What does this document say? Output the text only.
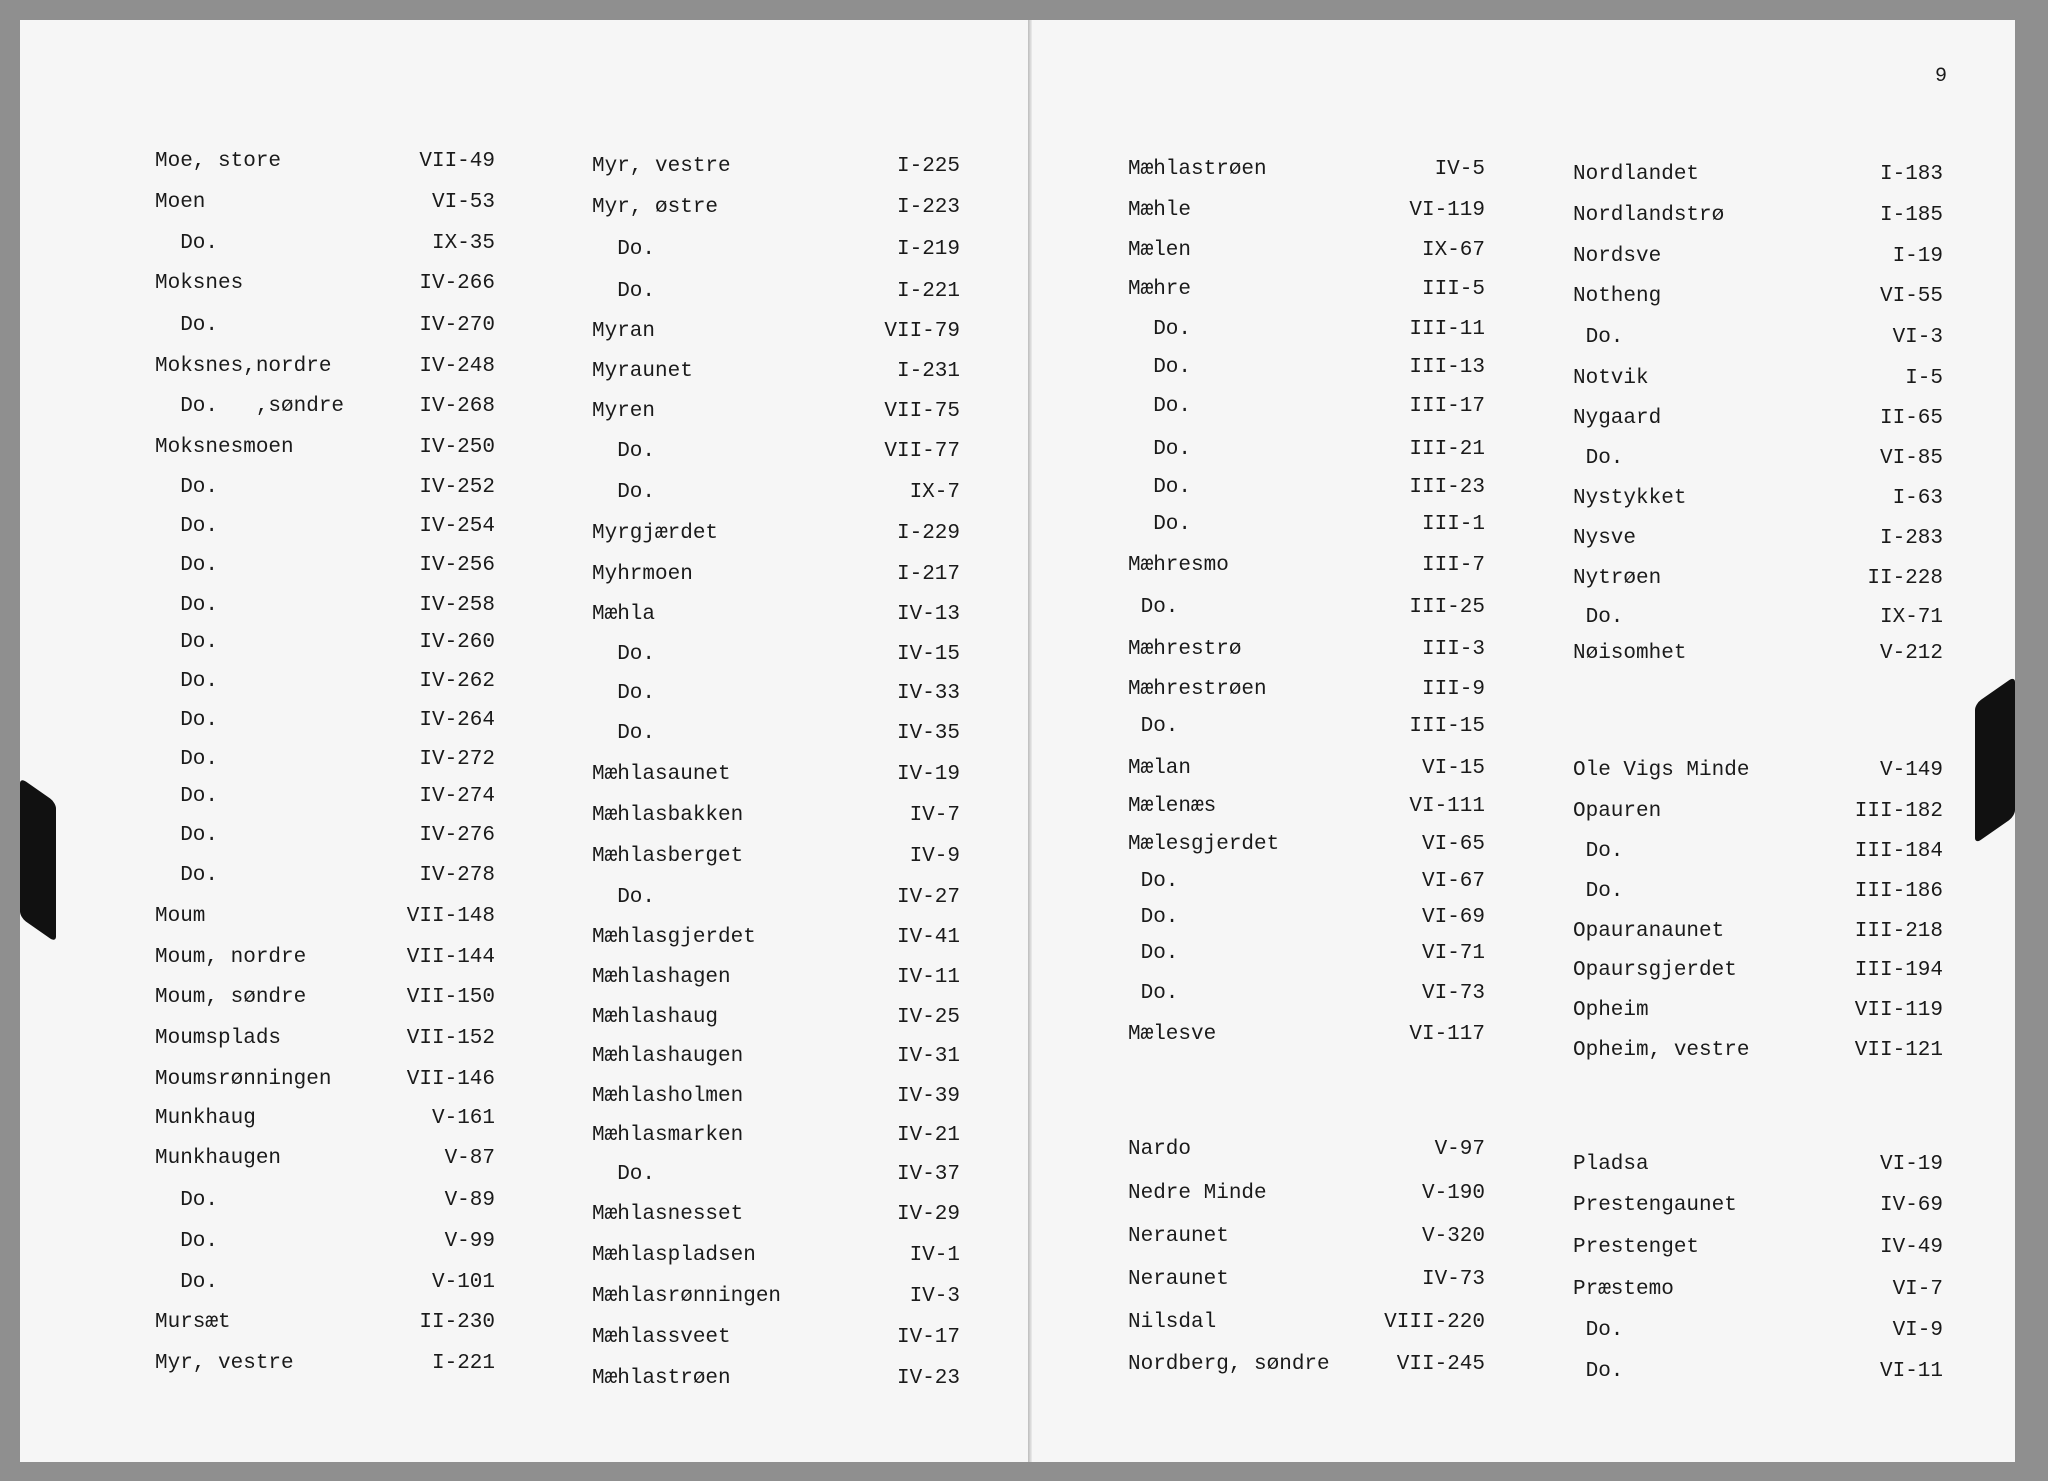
9
Moe, store	VII-49
Moen	VI-53
Do.	IX-35
Moksnes	IV-266
Do.	IV-270
Moksnes,nordre	IV-248
Do.   ,søndre	IV-268
Moksnesmoen	IV-250
Do.	IV-252
Do.	IV-254
Do.	IV-256
Do.	IV-258
Do.	IV-260
Do.	IV-262
Do.	IV-264
Do.	IV-272
Do.	IV-274
Do.	IV-276
Do.	IV-278
Moum	VII-148
Moum, nordre	VII-144
Moum, søndre	VII-150
Moumsplads	VII-152
Moumsrønningen	VII-146
Munkhaug	V-161
Munkhaugen	V-87
Do.	V-89
Do.	V-99
Do.	V-101
Mursæt	II-230
Myr, vestre	I-221
Myr, vestre	I-225
Myr, østre	I-223
Do.	I-219
Do.	I-221
Myran	VII-79
Myraunet	I-231
Myren	VII-75
Do.	VII-77
Do.	IX-7
Myrgjærdet	I-229
Myhrmoen	I-217
Mæhla	IV-13
Do.	IV-15
Do.	IV-33
Do.	IV-35
Mæhlasaunet	IV-19
Mæhlasbakken	IV-7
Mæhlasberget	IV-9
Do.	IV-27
Mæhlasgjerdet	IV-41
Mæhlashagen	IV-11
Mæhlashaug	IV-25
Mæhlashaugen	IV-31
Mæhlasholmen	IV-39
Mæhlasmarken	IV-21
Do.	IV-37
Mæhlasnesset	IV-29
Mæhlaspladsen	IV-1
Mæhlasrønningen	IV-3
Mæhlassveet	IV-17
Mæhlastrøen	IV-23
Mæhlastrøen	IV-5
Mæhle	VI-119
Mælen	IX-67
Mæhre	III-5
Do.	III-11
Do.	III-13
Do.	III-17
Do.	III-21
Do.	III-23
Do.	III-1
Mæhresmo	III-7
Do.	III-25
Mæhrestrø	III-3
Mæhrestrøen	III-9
Do.	III-15
Mælan	VI-15
Mælenæs	VI-111
Mælesgjerdet	VI-65
Do.	VI-67
Do.	VI-69
Do.	VI-71
Do.	VI-73
Mælesve	VI-117
Nardo	V-97
Nedre Minde	V-190
Neraunet	V-320
Neraunet	IV-73
Nilsdal	VIII-220
Nordberg, søndre	VII-245
Nordlandet	I-183
Nordlandstrø	I-185
Nordsve	I-19
Notheng	VI-55
Do.	VI-3
Notvik	I-5
Nygaard	II-65
Do.	VI-85
Nystykket	I-63
Nysve	I-283
Nytrøen	II-228
Do.	IX-71
Nøisomhet	V-212
Ole Vigs Minde	V-149
Opauren	III-182
Do.	III-184
Do.	III-186
Opauranaunet	III-218
Opaursgjerdet	III-194
Opheim	VII-119
Opheim, vestre	VII-121
Pladsa	VI-19
Prestengaunet	IV-69
Prestenget	IV-49
Præstemo	VI-7
Do.	VI-9
Do.	VI-11
